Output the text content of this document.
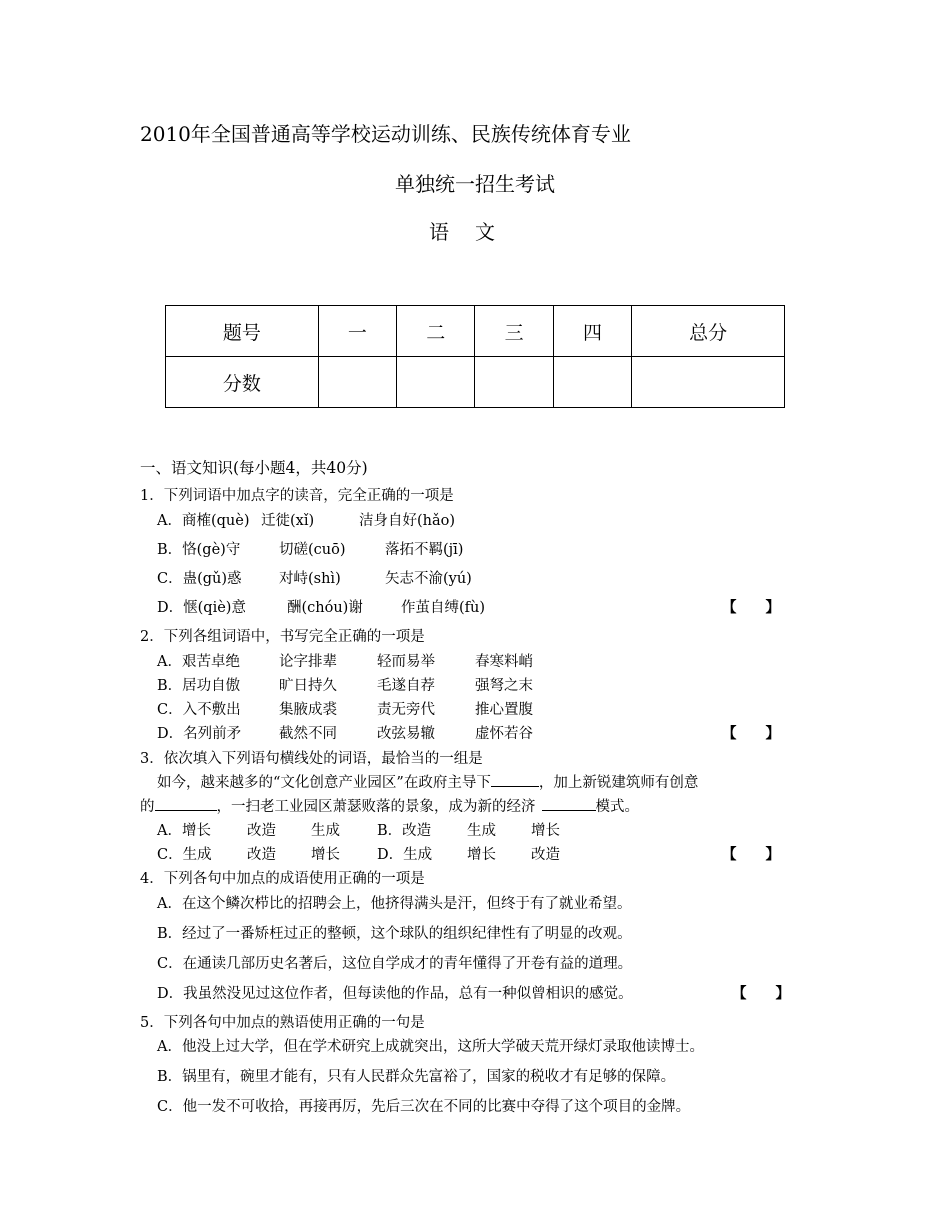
2010年全国普通高等学校运动训练、民族传统体育专业
单独统一招生考试
语文
题号	一	二	三	四	总分
分数					
一、语文知识(每小题4，共40分)
1．下列词语中加点字的读音，完全正确的一项是
A．商榷(què) 迁徙(xǐ)	洁身自好(hǎo)
B．恪(gè)守	切磋(cuō)	落拓不羁(jī)
C．蛊(gǔ)惑	对峙(shì)	矢志不渝(yú)
D．惬(qiè)意	酬(chóu)谢	作茧自缚(fù)	【　　】
2．下列各组词语中，书写完全正确的一项是
A．艰苦卓绝	论字排辈	轻而易举	春寒料峭
B．居功自傲	旷日持久	毛遂自荐	强弩之末
C．入不敷出	集腋成裘	责无旁代	推心置腹
D．名列前矛	截然不同	改弦易辙	虚怀若谷	【　　】
3．依次填入下列语句横线处的词语，最恰当的一组是
如今，越来越多的“文化创意产业园区”在政府主导下	，加上新锐建筑师有创意
的	，一扫老工业园区萧瑟败落的景象，成为新的经济	模式。
A．增长 改造 生成	B．改造 生成 增长
C．生成 改造 增长	D．生成 增长 改造	【　　】
4．下列各句中加点的成语使用正确的一项是
A．在这个鳞次栉比的招聘会上，他挤得满头是汗，但终于有了就业希望。
B．经过了一番矫枉过正的整顿，这个球队的组织纪律性有了明显的改观。
C．在通读几部历史名著后，这位自学成才的青年懂得了开卷有益的道理。
D．我虽然没见过这位作者，但每读他的作品，总有一种似曾相识的感觉。	【　　】
5．下列各句中加点的熟语使用正确的一句是
A．他没上过大学，但在学术研究上成就突出，这所大学破天荒开绿灯录取他读博士。
B．锅里有，碗里才能有，只有人民群众先富裕了，国家的税收才有足够的保障。
C．他一发不可收拾，再接再厉，先后三次在不同的比赛中夺得了这个项目的金牌。
